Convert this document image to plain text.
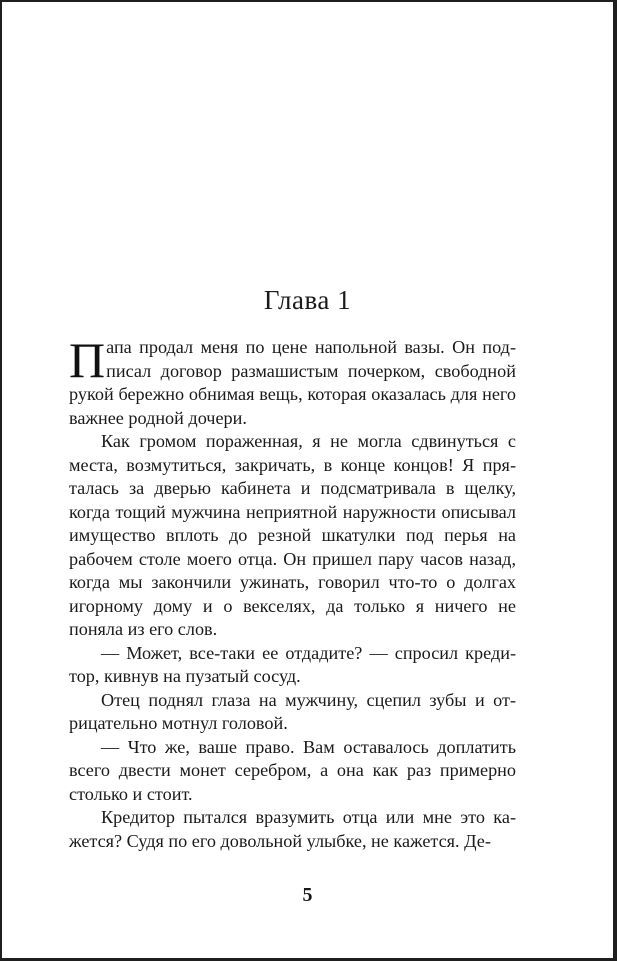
Глава 1

Папа продал меня по цене напольной вазы. Он подписал договор размашистым почерком, свободной рукой бережно обнимая вещь, которая оказалась для него важнее родной дочери.

Как громом пораженная, я не могла сдвинуться с места, возмутиться, закричать, в конце концов! Я пряталась за дверью кабинета и подсматривала в щелку, когда тощий мужчина неприятной наружности описывал имущество вплоть до резной шкатулки под перья на рабочем столе моего отца. Он пришел пару часов назад, когда мы закончили ужинать, говорил что-то о долгах игорному дому и о векселях, да только я ничего не поняла из его слов.

— Может, все-таки ее отдадите? — спросил кредитор, кивнув на пузатый сосуд.

Отец поднял глаза на мужчину, сцепил зубы и отрицательно мотнул головой.

— Что же, ваше право. Вам оставалось доплатить всего двести монет серебром, а она как раз примерно столько и стоит.

Кредитор пытался вразумить отца или мне это кажется? Судя по его довольной улыбке, не кажется. Де-

5
